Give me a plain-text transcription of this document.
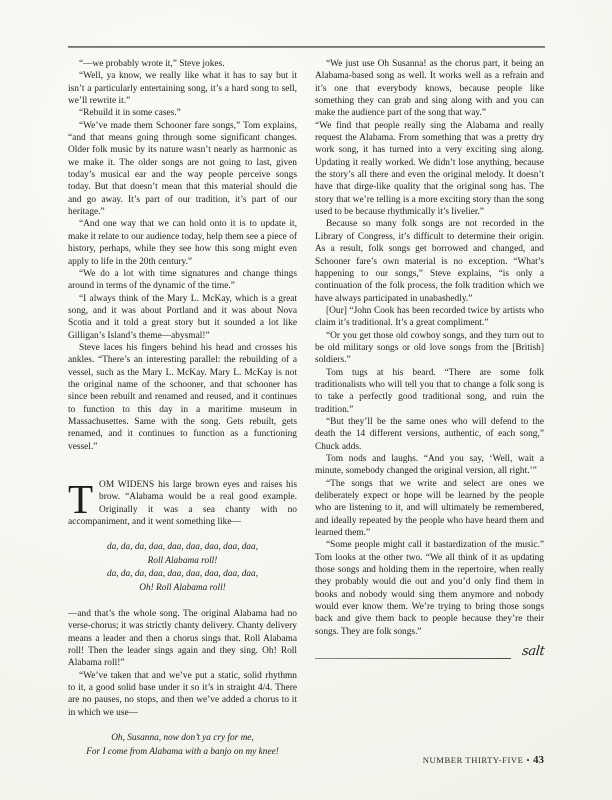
“—we probably wrote it,” Steve jokes.

“Well, ya know, we really like what it has to say but it isn’t a particularly entertaining song, it’s a hard song to sell, we’ll rewrite it.”

“Rebuild it in some cases.”

“We’ve made them Schooner fare songs,” Tom explains, “and that means going through some significant changes. Older folk music by its nature wasn’t nearly as harmonic as we make it. The older songs are not going to last, given today’s musical ear and the way people perceive songs today. But that doesn’t mean that this material should die and go away. It’s part of our tradition, it’s part of our heritage.”

“And one way that we can hold onto it is to update it, make it relate to our audience today, help them see a piece of history, perhaps, while they see how this song might even apply to life in the 20th century.”

“We do a lot with time signatures and change things around in terms of the dynamic of the time.”

“I always think of the Mary L. McKay, which is a great song, and it was about Portland and it was about Nova Scotia and it told a great story but it sounded a lot like Gilligan’s Island’s theme—abysmal!”

Steve laces his fingers behind his head and crosses his ankles. “There’s an interesting parallel: the rebuilding of a vessel, such as the Mary L. McKay. Mary L. McKay is not the original name of the schooner, and that schooner has since been rebuilt and renamed and reused, and it continues to function to this day in a maritime museum in Massachusettes. Same with the song. Gets rebuilt, gets renamed, and it continues to function as a functioning vessel.”

T OM WIDENS his large brown eyes and raises his brow. “Alabama would be a real good example. Originally it was a sea chanty with no accompaniment, and it went something like—

da, da, da, daa, daa, daa, daa, daa, daa,
Roll Alabama roll!
da, da, da, daa, daa, daa, daa, daa, daa,
Oh! Roll Alabama roll!

—and that’s the whole song. The original Alabama had no verse-chorus; it was strictly chanty delivery. Chanty delivery means a leader and then a chorus sings that. Roll Alabama roll! Then the leader sings again and they sing. Oh! Roll Alabama roll!”

“We’ve taken that and we’ve put a static, solid rhythmn to it, a good solid base under it so it’s in straight 4/4. There are no pauses, no stops, and then we’ve added a chorus to it in which we use—

Oh, Susanna, now don’t ya cry for me,
For I come from Alabama with a banjo on my knee!

“We just use Oh Susanna! as the chorus part, it being an Alabama-based song as well. It works well as a refrain and it’s one that everybody knows, because people like something they can grab and sing along with and you can make the audience part of the song that way.”

“We find that people really sing the Alabama and really request the Alabama. From something that was a pretty dry work song, it has turned into a very exciting sing along. Updating it really worked. We didn’t lose anything, because the story’s all there and even the original melody. It doesn’t have that dirge-like quality that the original song has. The story that we’re telling is a more exciting story than the song used to be because rhythmically it’s livelier.”

Because so many folk songs are not recorded in the Library of Congress, it’s difficult to determine their origin. As a result, folk songs get borrowed and changed, and Schooner fare’s own material is no exception. “What’s happening to our songs,” Steve explains, “is only a continuation of the folk process, the folk tradition which we have always participated in unabashedly.”

[Our] “John Cook has been recorded twice by artists who claim it’s traditional. It’s a great compliment.”

“Or you get those old cowboy songs, and they turn out to be old military songs or old love songs from the [British] soldiers.”

Tom tugs at his beard. “There are some folk traditionalists who will tell you that to change a folk song is to take a perfectly good traditional song, and ruin the tradition.”

“But they’ll be the same ones who will defend to the death the 14 different versions, authentic, of each song,” Chuck adds.

Tom nods and laughs. “And you say, ‘Well, wait a minute, somebody changed the original version, all right.’”

“The songs that we write and select are ones we deliberately expect or hope will be learned by the people who are listening to it, and will ultimately be remembered, and ideally repeated by the people who have heard them and learned them.”

“Some people might call it bastardization of the music.” Tom looks at the other two. “We all think of it as updating those songs and holding them in the repertoire, when really they probably would die out and you’d only find them in books and nobody would sing them anymore and nobody would ever know them. We’re trying to bring those songs back and give them back to people because they’re their songs. They are folk songs.”

salt
NUMBER THIRTY-FIVE • 43
